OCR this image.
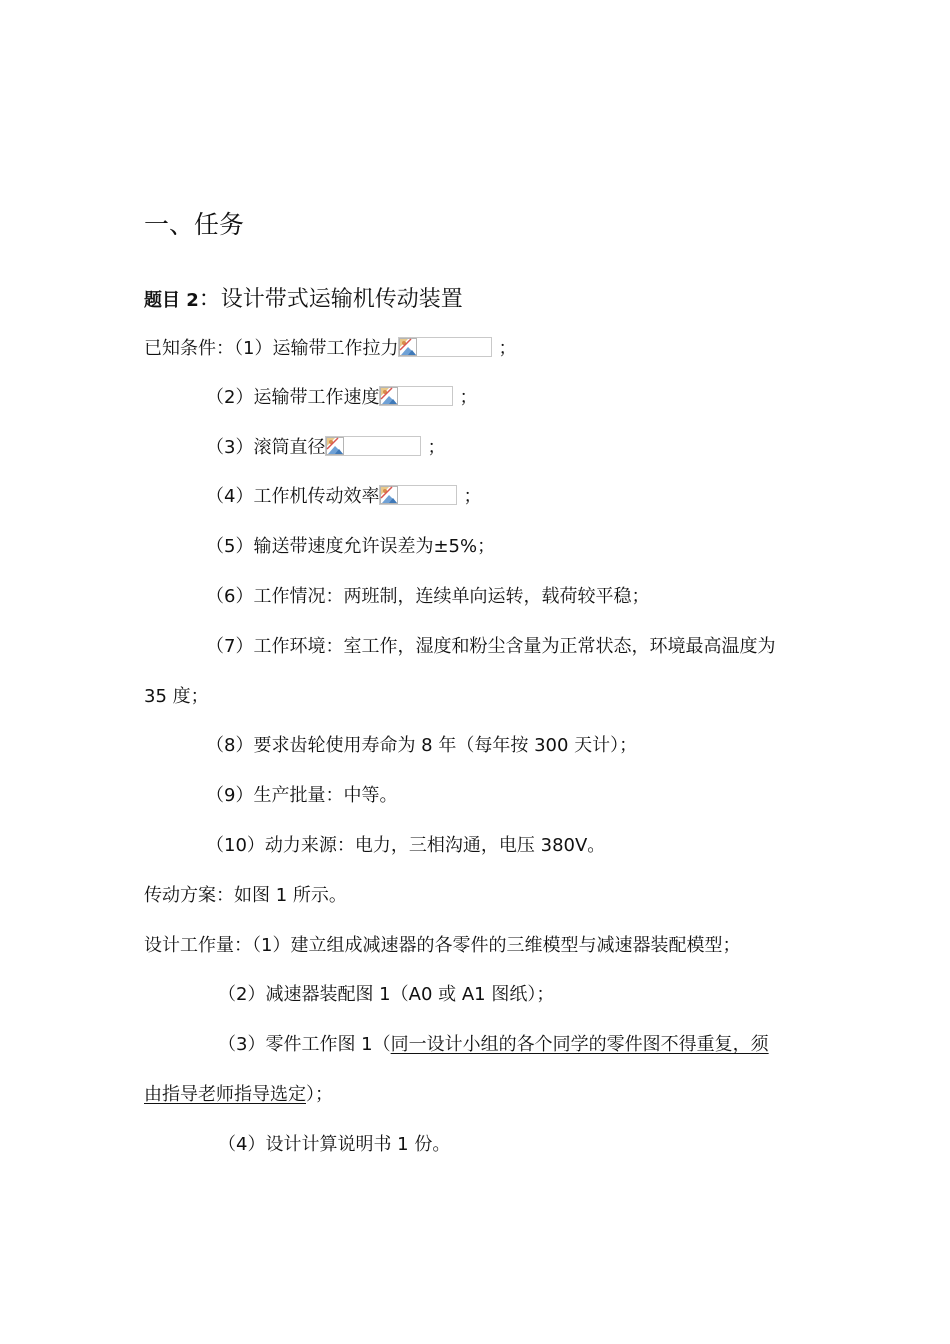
一、任务
题目 2：设计带式运输机传动装置
已知条件：（1）运输带工作拉力	；
（2）运输带工作速度	；
（3）滚筒直径	；
（4）工作机传动效率	；
（5）输送带速度允许误差为±5%；
（6）工作情况：两班制，连续单向运转，载荷较平稳；
（7）工作环境：室工作，湿度和粉尘含量为正常状态，环境最高温度为
35 度；
（8）要求齿轮使用寿命为 8 年（每年按 300 天计）；
（9）生产批量：中等。
（10）动力来源：电力，三相沟通，电压 380V。
传动方案：如图 1 所示。
设计工作量：（1）建立组成减速器的各零件的三维模型与减速器装配模型；
（2）减速器装配图 1（A0 或 A1 图纸）；
（3）零件工作图 1（同一设计小组的各个同学的零件图不得重复，须
由指导老师指导选定）；
（4）设计计算说明书 1 份。
